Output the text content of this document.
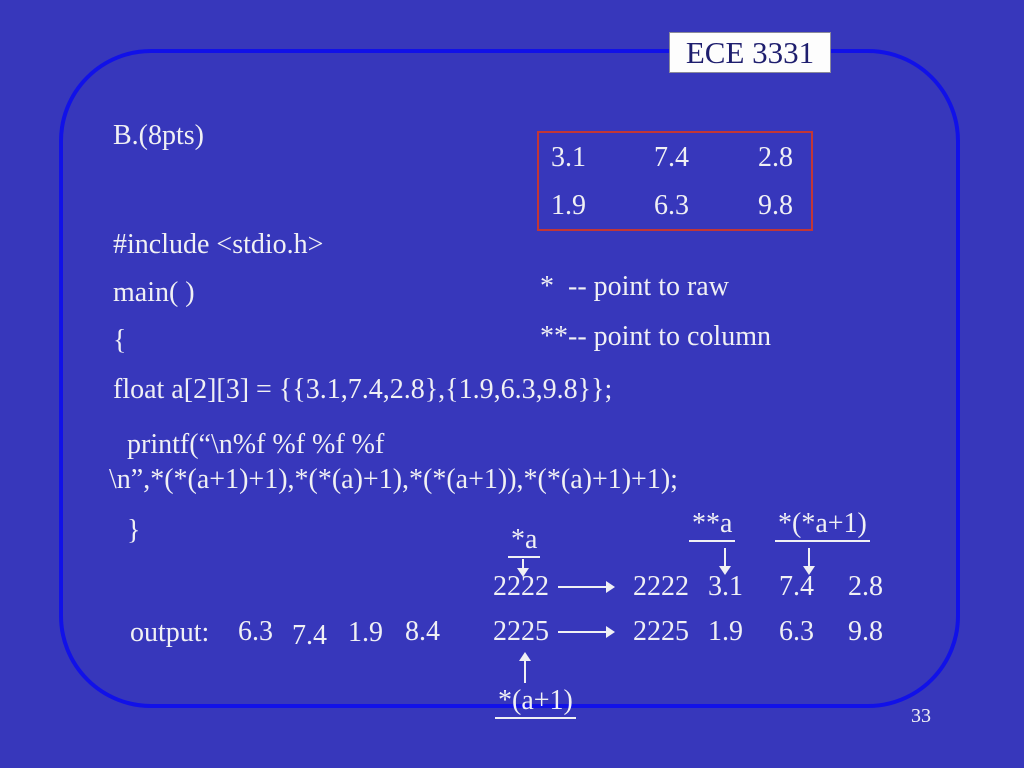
ECE 3331
B.(8pts)
#include <stdio.h>
main( )
{
float a[2][3] = {{3.1,7.4,2.8},{1.9,6.3,9.8}};
printf(“\n%f %f %f %f
\n”,*(*(a+1)+1),*(*(a)+1),*(*(a+1)),*(*(a)+1)+1);
}
output: 6.3 7.4 1.9 8.4
3.1 7.4 2.8
1.9 6.3 9.8
*  -- point to raw
**-- point to column
*a
**a *(*a+1)
2222	2222 3.1 7.4 2.8
2225	2225 1.9 6.3 9.8
*(a+1)	33
